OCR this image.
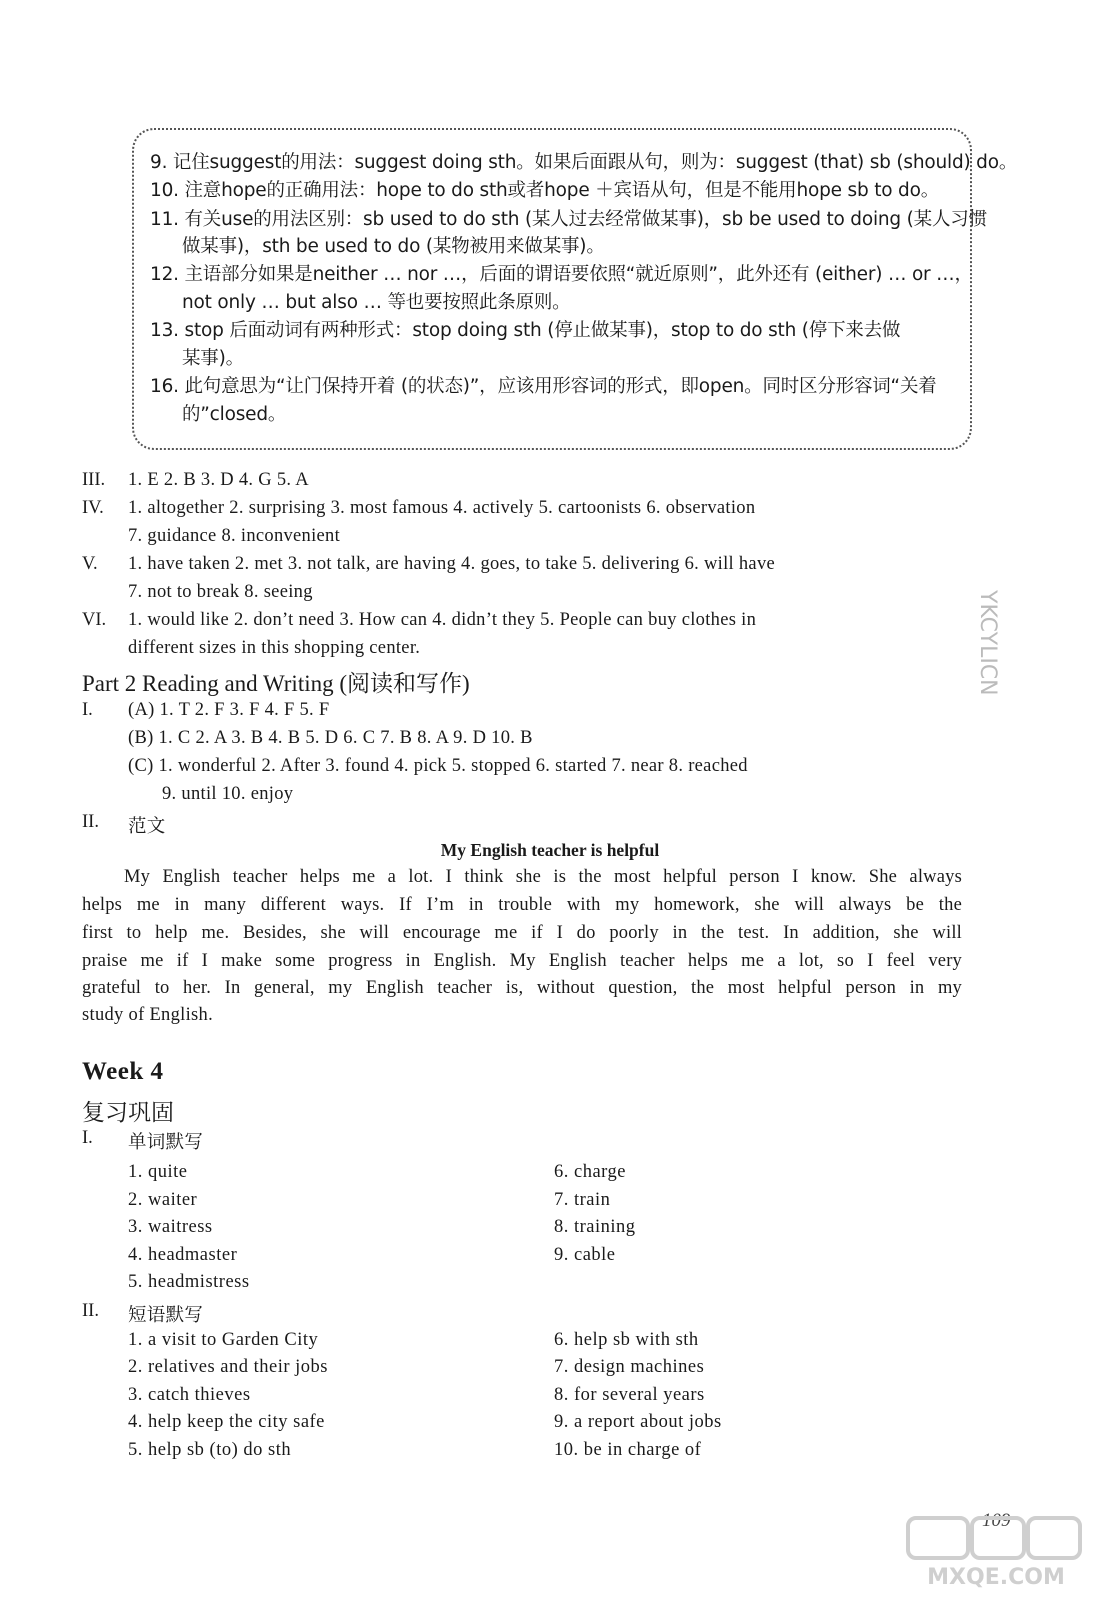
9. 记住suggest的用法：suggest doing sth。如果后面跟从句，则为：suggest (that) sb (should) do。
10. 注意hope的正确用法：hope to do sth或者hope ＋宾语从句，但是不能用hope sb to do。
11. 有关use的用法区别：sb used to do sth (某人过去经常做某事)，sb be used to doing (某人习惯
做某事)，sth be used to do (某物被用来做某事)。
12. 主语部分如果是neither … nor …，后面的谓语要依照“就近原则”，此外还有 (either) … or …，
not only … but also … 等也要按照此条原则。
13. stop 后面动词有两种形式：stop doing sth (停止做某事)，stop to do sth (停下来去做
某事)。
16. 此句意思为“让门保持开着 (的状态)”，应该用形容词的形式，即open。同时区分形容词“关着
的”closed。
III. 1. E 2. B 3. D 4. G 5. A
IV. 1. altogether 2. surprising 3. most famous 4. actively 5. cartoonists 6. observation
7. guidance 8. inconvenient
V. 1. have taken 2. met 3. not talk, are having 4. goes, to take 5. delivering 6. will have
7. not to break 8. seeing
VI. 1. would like 2. don’t need 3. How can 4. didn’t they 5. People can buy clothes in
different sizes in this shopping center.
Part 2 Reading and Writing (阅读和写作)
I. (A) 1. T 2. F 3. F 4. F 5. F
(B) 1. C 2. A 3. B 4. B 5. D 6. C 7. B 8. A 9. D 10. B
(C) 1. wonderful 2. After 3. found 4. pick 5. stopped 6. started 7. near 8. reached
9. until 10. enjoy
II. 范文
My English teacher is helpful
My English teacher helps me a lot. I think she is the most helpful person I know. She always
helps me in many different ways. If I’m in trouble with my homework, she will always be the
first to help me. Besides, she will encourage me if I do poorly in the test. In addition, she will
praise me if I make some progress in English. My English teacher helps me a lot, so I feel very
grateful to her. In general, my English teacher is, without question, the most helpful person in my
study of English.
Week 4
复习巩固
I. 单词默写
1. quite
2. waiter
3. waitress
4. headmaster
5. headmistress
6. charge
7. train
8. training
9. cable
II. 短语默写
1. a visit to Garden City
2. relatives and their jobs
3. catch thieves
4. help keep the city safe
5. help sb (to) do sth
6. help sb with sth
7. design machines
8. for several years
9. a report about jobs
10. be in charge of
YKCYLICN
109
MXQE.COM
